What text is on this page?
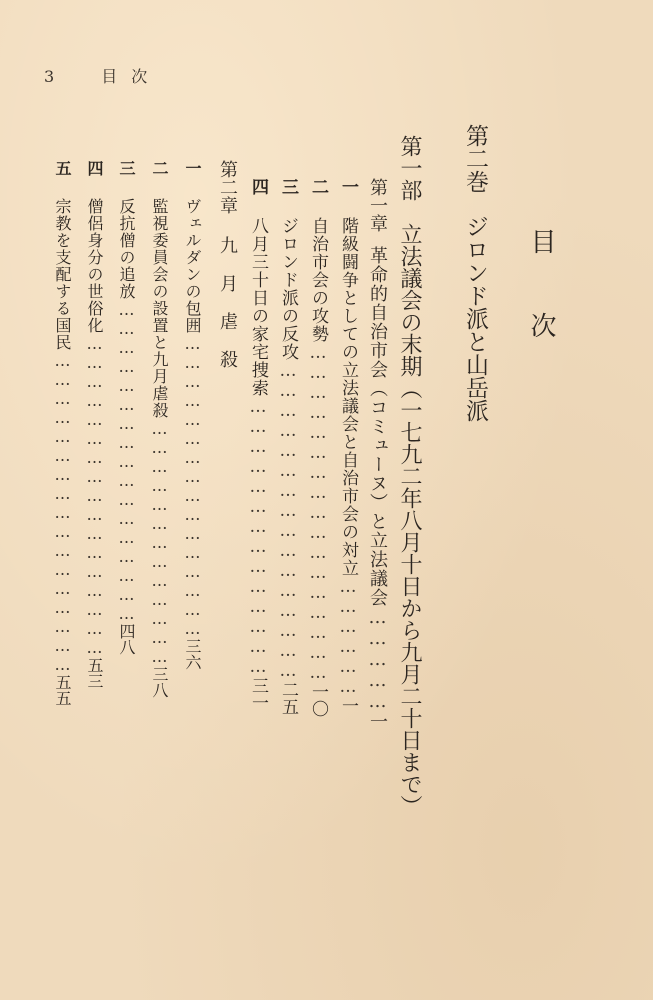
3	目次
目　次
第二巻ジロンド派と山岳派
第一部立法議会の末期（一七九二年八月十日から九月二十日まで）
第一章革命的自治市会（コミューヌ）と立法議会……………一
一階級闘争としての立法議会と自治市会の対立………………一
二自治市会の攻勢……………………………………………一〇
三ジロンド派の反攻…………………………………………二五
四八月三十日の家宅捜索……………………………………三一
第二章九　月　虐　殺
一ヴェルダンの包囲…………………………………………三六
二監視委員会の設置と九月虐殺…………………………………三八
三反抗僧の追放……………………………………………四八
四僧侶身分の世俗化……………………………………………五三
五宗教を支配する国民……………………………………………五五
